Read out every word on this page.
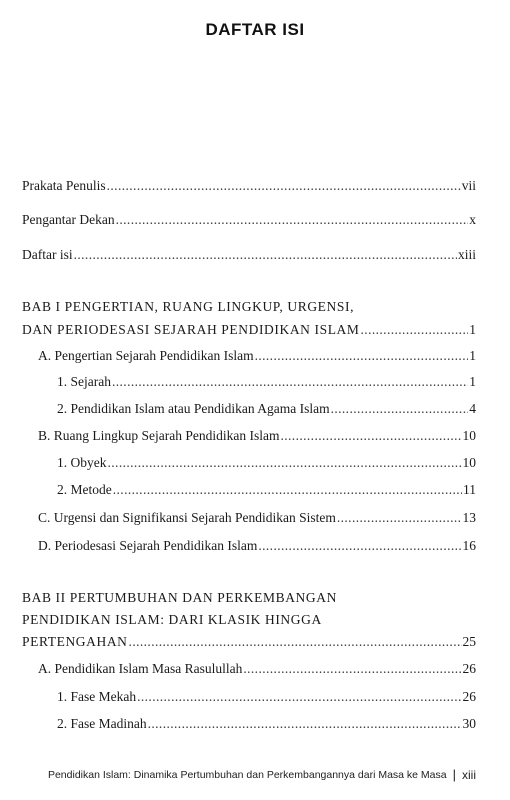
DAFTAR ISI
Prakata Penulis .....	vii
Pengantar Dekan .....	x
Daftar isi .....	xiii
BAB I PENGERTIAN, RUANG LINGKUP, URGENSI,
DAN PERIODESASI SEJARAH PENDIDIKAN ISLAM .....	1
A. Pengertian Sejarah Pendidikan Islam .....	1
1. Sejarah .....	1
2. Pendidikan Islam atau Pendidikan Agama Islam .....	4
B. Ruang Lingkup Sejarah Pendidikan Islam .....	10
1. Obyek .....	10
2. Metode .....	11
C. Urgensi dan Signifikansi Sejarah Pendidikan Sistem .....	13
D. Periodesasi Sejarah Pendidikan Islam .....	16
BAB II PERTUMBUHAN DAN PERKEMBANGAN
PENDIDIKAN ISLAM: DARI KLASIK HINGGA
PERTENGAHAN .....	25
A. Pendidikan Islam Masa Rasulullah .....	26
1. Fase Mekah .....	26
2. Fase Madinah .....	30
Pendidikan Islam: Dinamika Pertumbuhan dan Perkembangannya dari Masa ke Masa | xiii
